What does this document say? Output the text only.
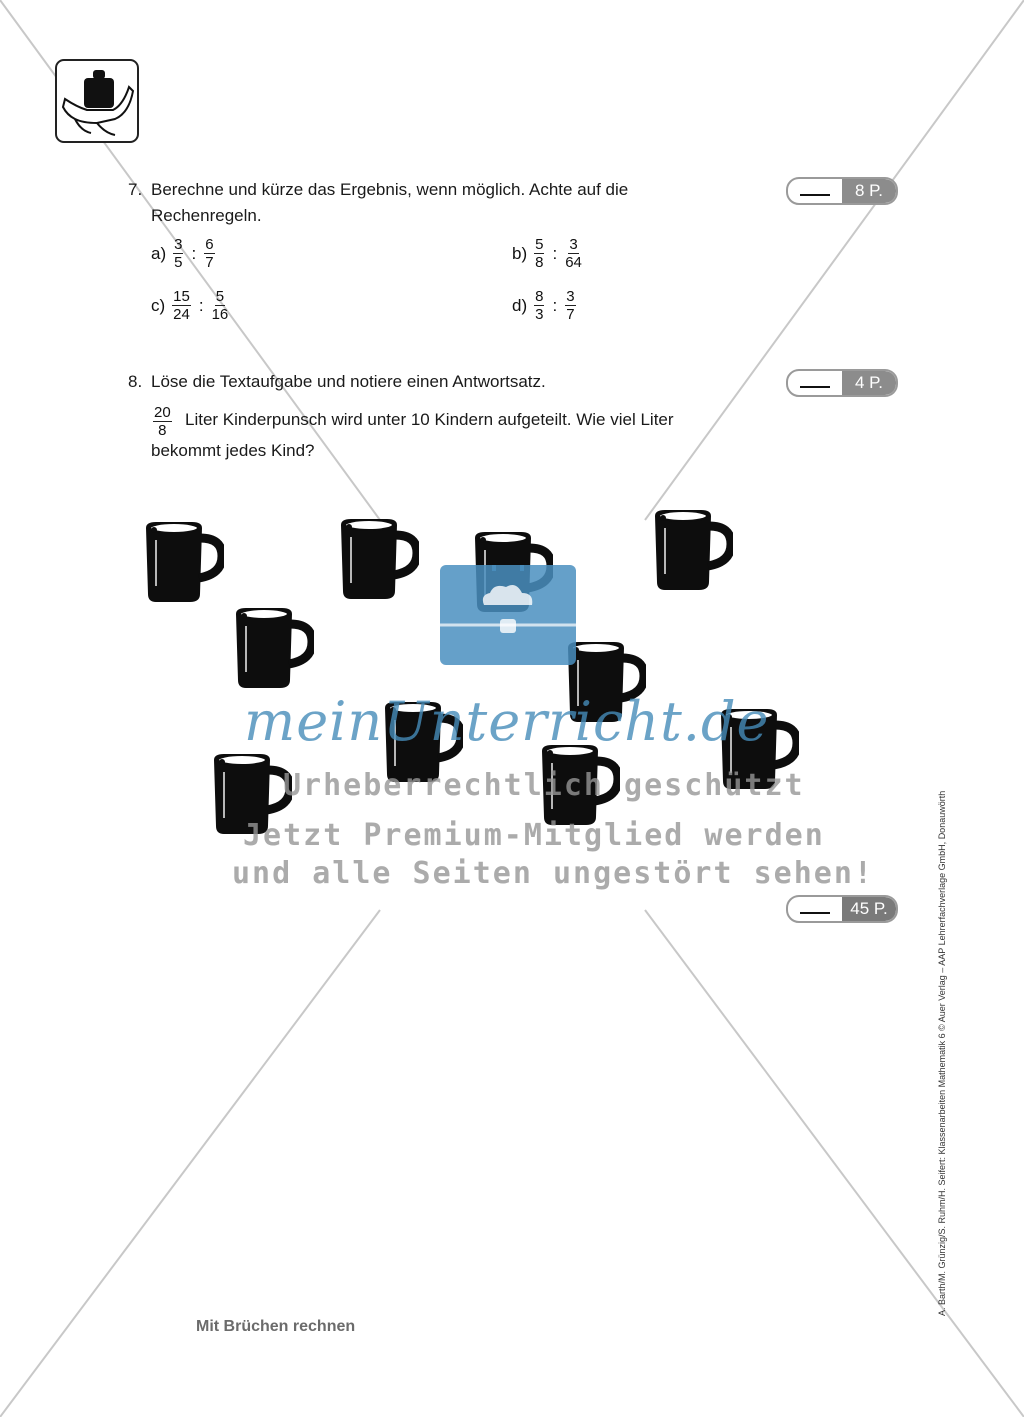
7. Berechne und kürze das Ergebnis, wenn möglich. Achte auf die
Rechenregeln.
8 P.
$a) \frac{3}{5}$ : $\frac{6}{7}$	$b) \frac{5}{8}$ : $\frac{3}{64}$
$c) \frac{15}{24}$ : $\frac{5}{16}$	$d) \frac{8}{3}$ : $\frac{3}{7}$
8. Löse die Textaufgabe und notiere einen Antwortsatz.	4 P.
$\frac{20}{8}$ Liter Kinderpunsch wird unter 10 Kindern aufgeteilt. Wie viel Liter
bekommt jedes Kind?
meinUnterricht.de
Urheberrechtlich geschützt
Jetzt Premium-Mitglied werden
und alle Seiten ungestört sehen!
45 P.
Mit Brüchen rechnen
A. Barth/M. Grünzig/S. Ruhm/H. Seifert: Klassenarbeiten Mathematik 6 © Auer Verlag – AAP Lehrerfachverlage GmbH, Donauwörth
